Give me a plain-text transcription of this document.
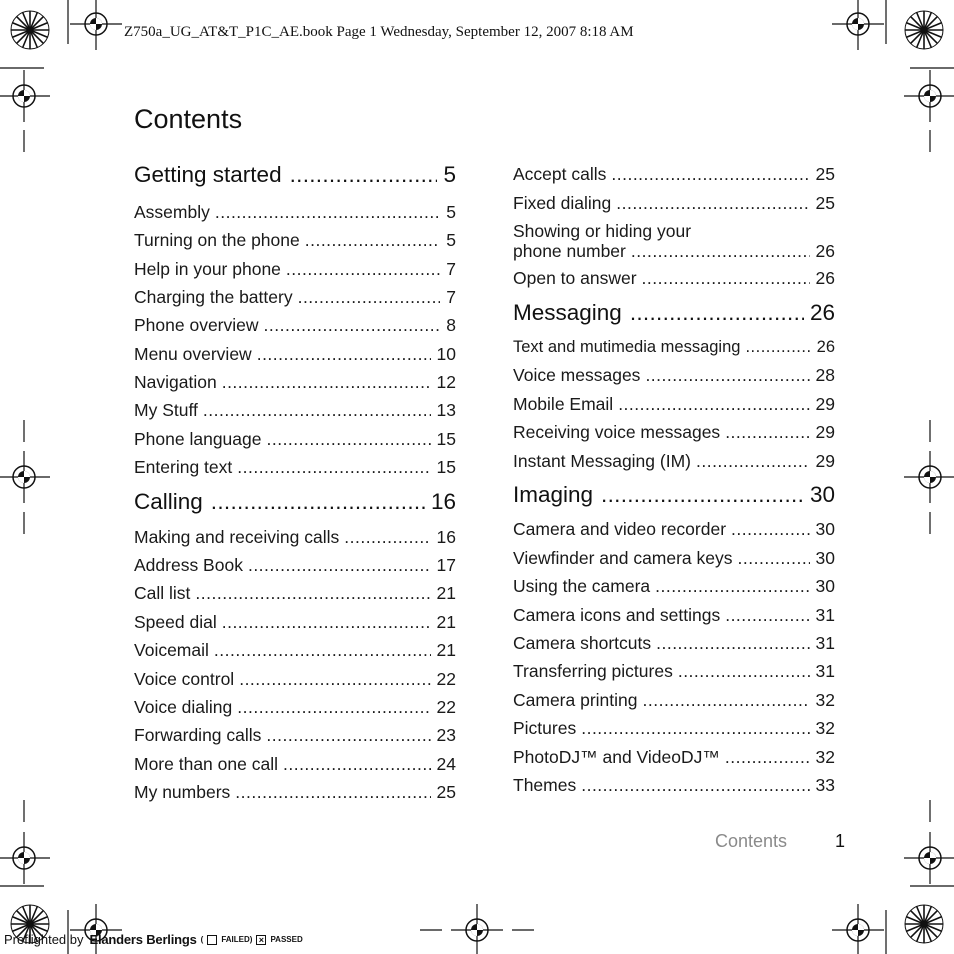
Z750a_UG_AT&T_P1C_AE.book Page 1 Wednesday, September 12, 2007 8:18 AM
Contents
Getting started .....	5
Assembly .....	5
Turning on the phone .....	5
Help in your phone .....	7
Charging the battery .....	7
Phone overview .....	8
Menu overview .....	10
Navigation .....	12
My Stuff .....	13
Phone language .....	15
Entering text .....	15
Calling .....	16
Making and receiving calls .....	16
Address Book .....	17
Call list .....	21
Speed dial .....	21
Voicemail .....	21
Voice control .....	22
Voice dialing .....	22
Forwarding calls .....	23
More than one call .....	24
My numbers .....	25
Accept calls .....	25
Fixed dialing .....	25
Showing or hiding your
phone number .....	26
Open to answer .....	26
Messaging .....	26
Text and mutimedia messaging .....	26
Voice messages .....	28
Mobile Email .....	29
Receiving voice messages .....	29
Instant Messaging (IM) .....	29
Imaging .....	30
Camera and video recorder .....	30
Viewfinder and camera keys .....	30
Using the camera .....	30
Camera icons and settings .....	31
Camera shortcuts .....	31
Transferring pictures .....	31
Camera printing .....	32
Pictures .....	32
PhotoDJ™ and VideoDJ™ .....	32
Themes .....	33
Contents	1
Preflighted by Elanders Berlings ( FAILED ) × PASSED
